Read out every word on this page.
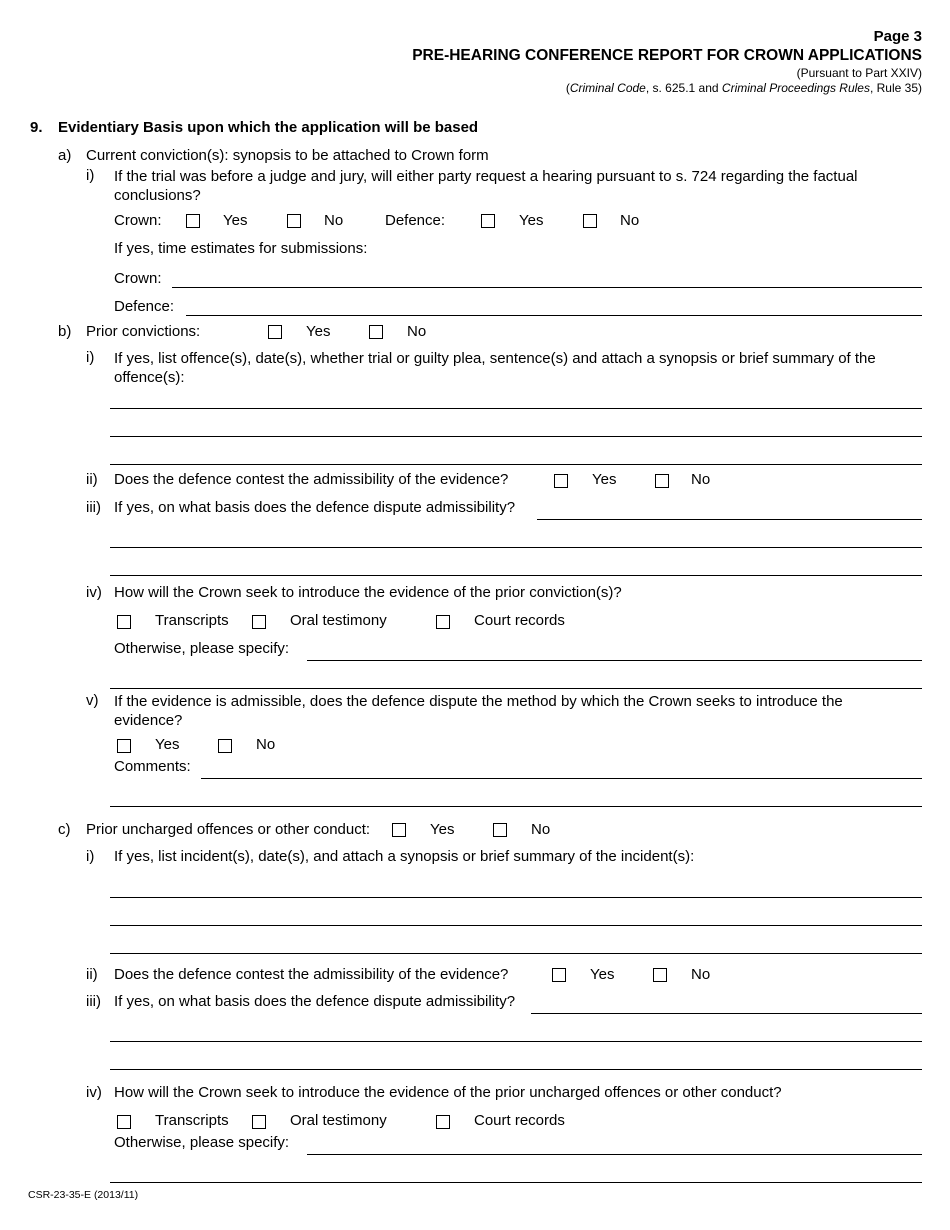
Page 3
PRE-HEARING CONFERENCE REPORT FOR CROWN APPLICATIONS
(Pursuant to Part XXIV)
(Criminal Code, s. 625.1 and Criminal Proceedings Rules, Rule 35)
9. Evidentiary Basis upon which the application will be based
a) Current conviction(s): synopsis to be attached to Crown form
i) If the trial was before a judge and jury, will either party request a hearing pursuant to s. 724 regarding the factual conclusions?
Crown:	Yes	No	Defence:	Yes	No
If yes, time estimates for submissions:
Crown:
Defence:
b) Prior convictions:	Yes	No
i) If yes, list offence(s), date(s), whether trial or guilty plea, sentence(s) and attach a synopsis or brief summary of the offence(s):
ii) Does the defence contest the admissibility of the evidence?	Yes	No
iii) If yes, on what basis does the defence dispute admissibility?
iv) How will the Crown seek to introduce the evidence of the prior conviction(s)?
Transcripts	Oral testimony	Court records
Otherwise, please specify:
v) If the evidence is admissible, does the defence dispute the method by which the Crown seeks to introduce the evidence?
Yes	No
Comments:
c) Prior uncharged offences or other conduct:	Yes	No
i) If yes, list incident(s), date(s), and attach a synopsis or brief summary of the incident(s):
ii) Does the defence contest the admissibility of the evidence?	Yes	No
iii) If yes, on what basis does the defence dispute admissibility?
iv) How will the Crown seek to introduce the evidence of the prior uncharged offences or other conduct?
Transcripts	Oral testimony	Court records
Otherwise, please specify:
CSR-23-35-E (2013/11)
